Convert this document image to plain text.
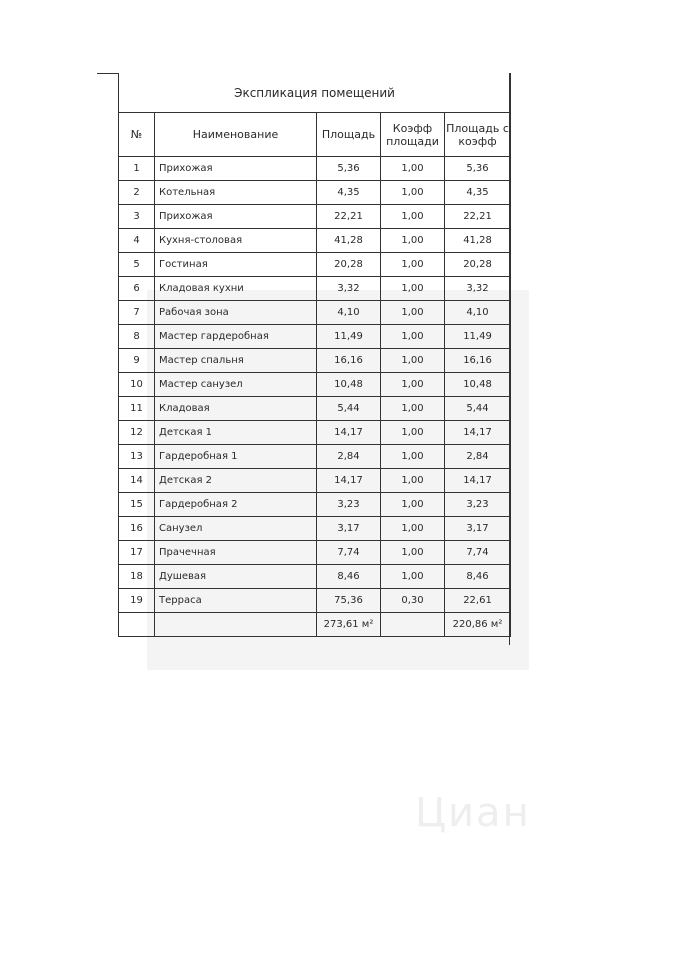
Экспликация помещений				
№	Наименование	Площадь	Коэфф площади	Площадь с коэфф
1	Прихожая	5,36	1,00	5,36
2	Котельная	4,35	1,00	4,35
3	Прихожая	22,21	1,00	22,21
4	Кухня-столовая	41,28	1,00	41,28
5	Гостиная	20,28	1,00	20,28
6	Кладовая кухни	3,32	1,00	3,32
7	Рабочая зона	4,10	1,00	4,10
8	Мастер гардеробная	11,49	1,00	11,49
9	Мастер спальня	16,16	1,00	16,16
10	Мастер санузел	10,48	1,00	10,48
11	Кладовая	5,44	1,00	5,44
12	Детская 1	14,17	1,00	14,17
13	Гардеробная 1	2,84	1,00	2,84
14	Детская 2	14,17	1,00	14,17
15	Гардеробная 2	3,23	1,00	3,23
16	Санузел	3,17	1,00	3,17
17	Прачечная	7,74	1,00	7,74
18	Душевая	8,46	1,00	8,46
19	Терраса	75,36	0,30	22,61
		273,61 м²		220,86 м²
Циан
